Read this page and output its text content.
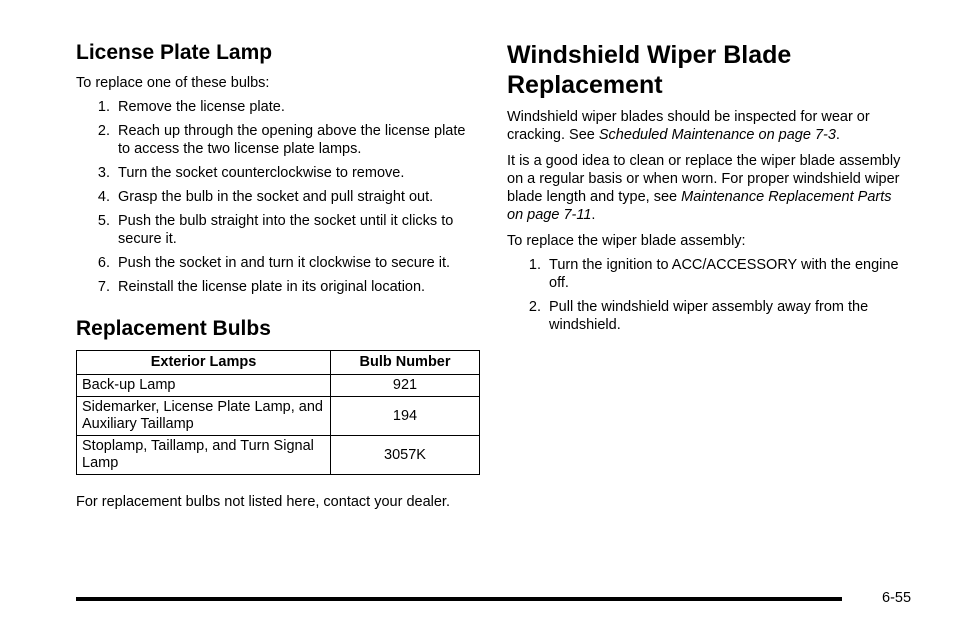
License Plate Lamp

To replace one of these bulbs:

1. Remove the license plate.
2. Reach up through the opening above the license plate to access the two license plate lamps.
3. Turn the socket counterclockwise to remove.
4. Grasp the bulb in the socket and pull straight out.
5. Push the bulb straight into the socket until it clicks to secure it.
6. Push the socket in and turn it clockwise to secure it.
7. Reinstall the license plate in its original location.
Replacement Bulbs
Exterior Lamps	Bulb Number
Back-up Lamp	921
Sidemarker, License Plate Lamp, and Auxiliary Taillamp	194
Stoplamp, Taillamp, and Turn Signal Lamp	3057K

For replacement bulbs not listed here, contact your dealer.

Windshield Wiper Blade Replacement

Windshield wiper blades should be inspected for wear or cracking. See Scheduled Maintenance on page 7-3.

It is a good idea to clean or replace the wiper blade assembly on a regular basis or when worn. For proper windshield wiper blade length and type, see Maintenance Replacement Parts on page 7-11.

To replace the wiper blade assembly:

1. Turn the ignition to ACC/ACCESSORY with the engine off.
2. Pull the windshield wiper assembly away from the windshield.
6-55
